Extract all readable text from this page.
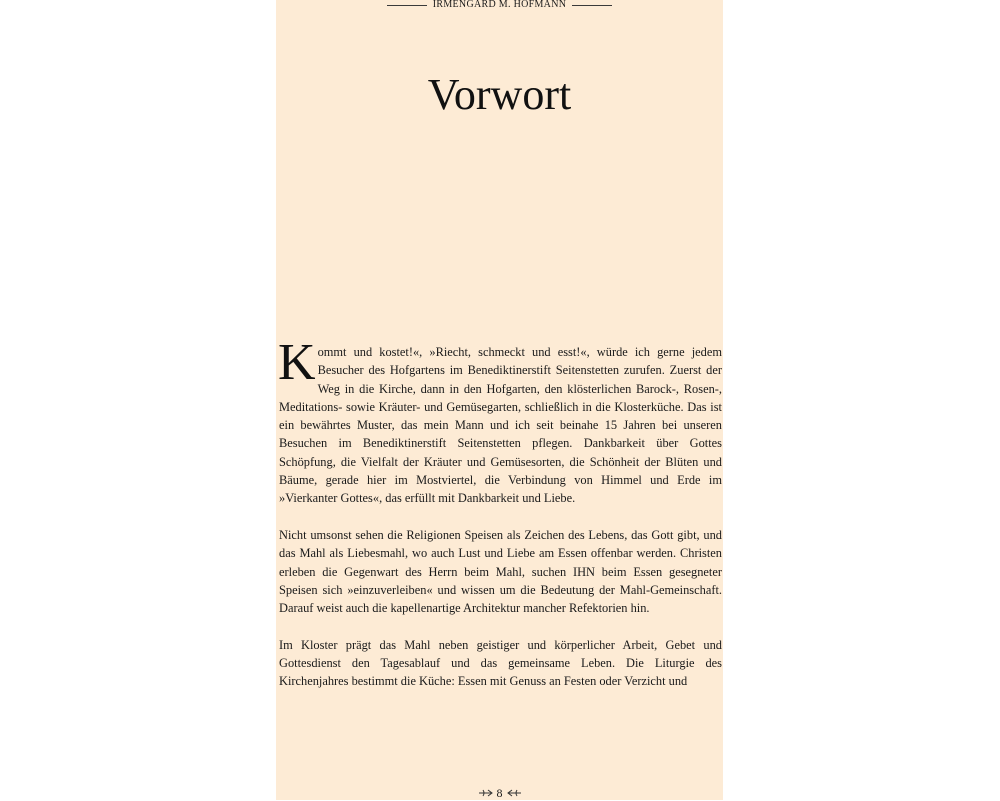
IRMENGARD M. HOFMANN
Vorwort

Kommt und kostet!«, »Riecht, schmeckt und esst!«, würde ich gerne jedem Besucher des Hofgartens im Benediktinerstift Seitenstetten zurufen. Zuerst der Weg in die Kirche, dann in den Hofgarten, den klösterlichen Barock-, Rosen-, Meditations- sowie Kräuter- und Gemüsegarten, schließlich in die Klosterküche. Das ist ein bewährtes Muster, das mein Mann und ich seit beinahe 15 Jahren bei unseren Besuchen im Benediktinerstift Seitenstetten pflegen. Dankbarkeit über Gottes Schöpfung, die Vielfalt der Kräuter und Gemüsesorten, die Schönheit der Blüten und Bäume, gerade hier im Mostviertel, die Verbindung von Himmel und Erde im »Vierkanter Gottes«, das erfüllt mit Dankbarkeit und Liebe.

Nicht umsonst sehen die Religionen Speisen als Zeichen des Lebens, das Gott gibt, und das Mahl als Liebesmahl, wo auch Lust und Liebe am Essen offenbar werden. Christen erleben die Gegenwart des Herrn beim Mahl, suchen IHN beim Essen gesegneter Speisen sich »einzuverleiben« und wissen um die Bedeutung der Mahl-Gemeinschaft. Darauf weist auch die kapellenartige Architektur mancher Refektorien hin.

Im Kloster prägt das Mahl neben geistiger und körperlicher Arbeit, Gebet und Gottesdienst den Tagesablauf und das gemeinsame Leben. Die Liturgie des Kirchenjahres bestimmt die Küche: Essen mit Genuss an Festen oder Verzicht und

8
